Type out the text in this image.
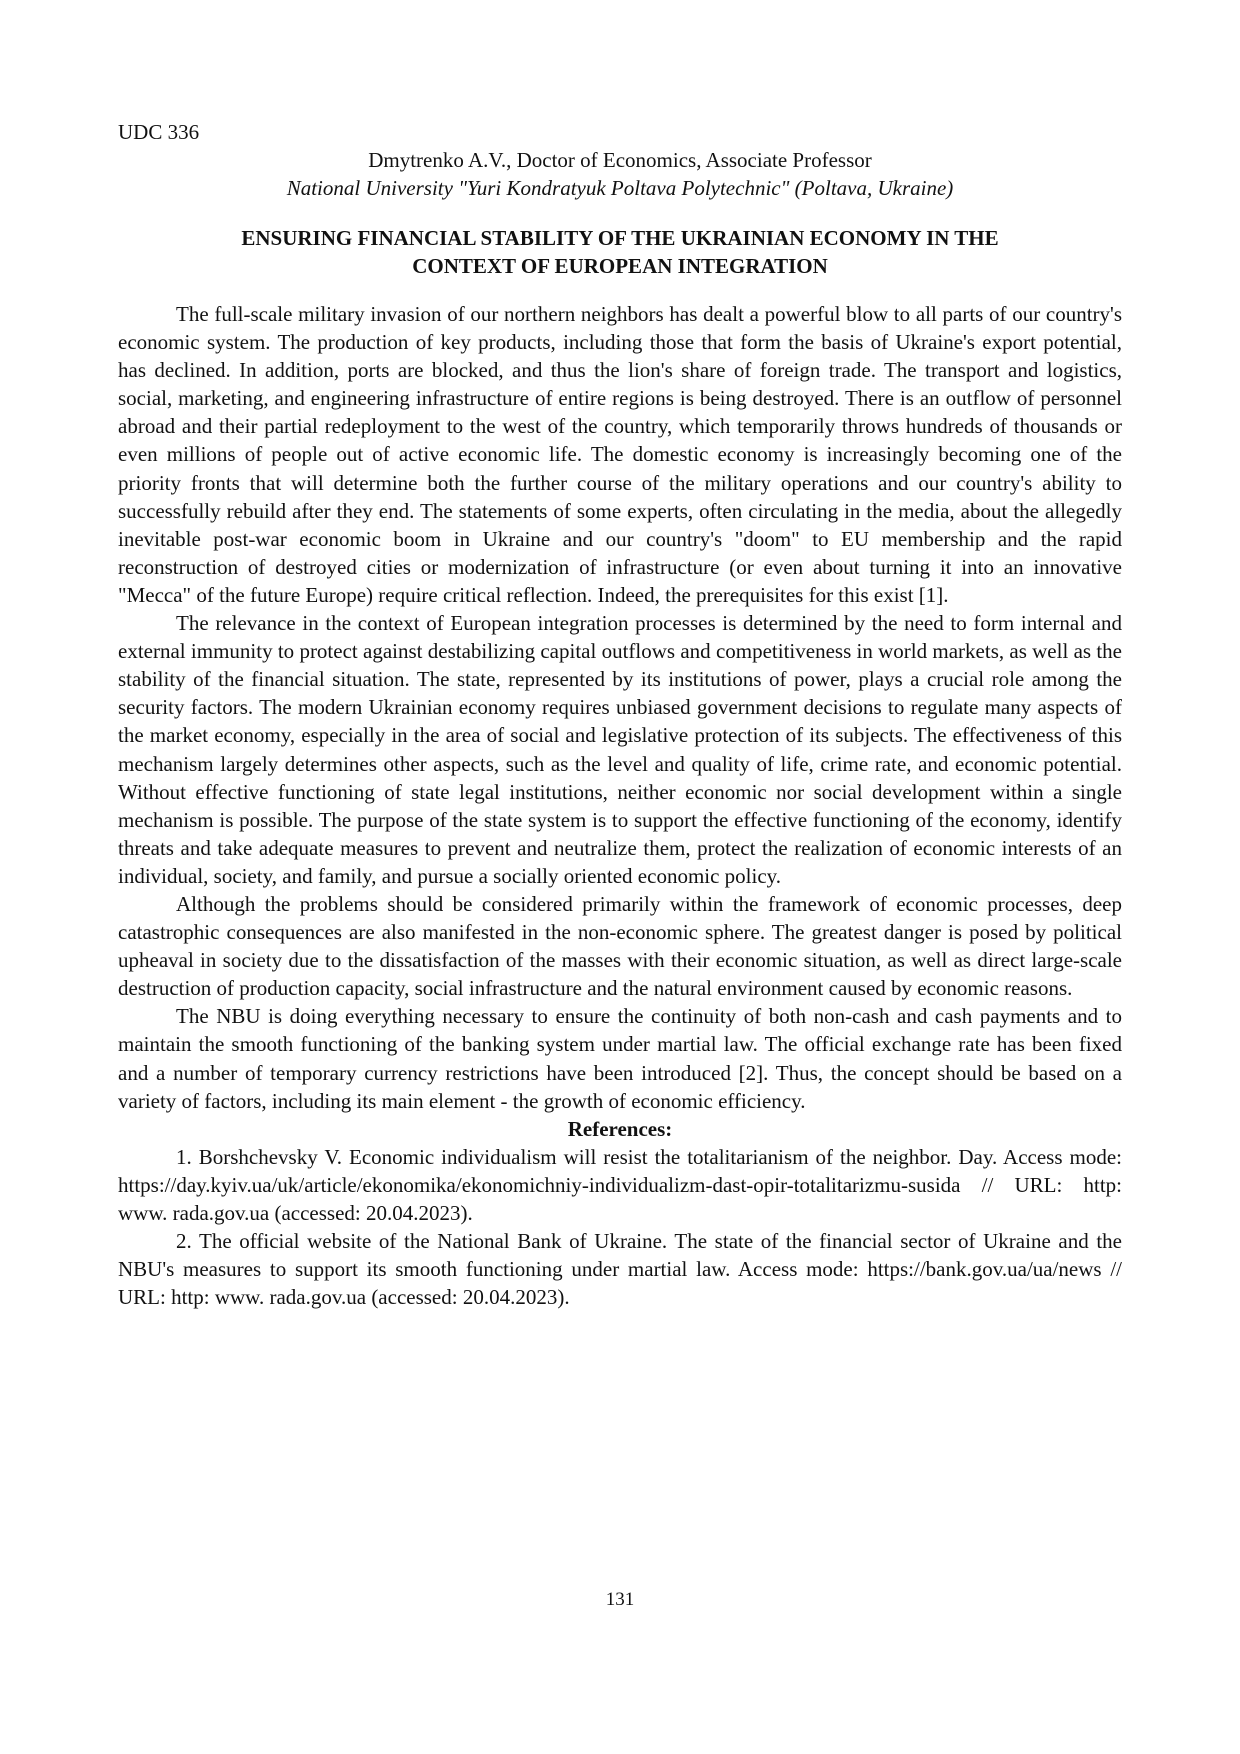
UDC 336

Dmytrenko A.V., Doctor of Economics, Associate Professor

National University "Yuri Kondratyuk Poltava Polytechnic" (Poltava, Ukraine)

ENSURING FINANCIAL STABILITY OF THE UKRAINIAN ECONOMY IN THE
CONTEXT OF EUROPEAN INTEGRATION

The full-scale military invasion of our northern neighbors has dealt a powerful blow to all parts of our country's economic system. The production of key products, including those that form the basis of Ukraine's export potential, has declined. In addition, ports are blocked, and thus the lion's share of foreign trade. The transport and logistics, social, marketing, and engineering infrastructure of entire regions is being destroyed. There is an outflow of personnel abroad and their partial redeployment to the west of the country, which temporarily throws hundreds of thousands or even millions of people out of active economic life. The domestic economy is increasingly becoming one of the priority fronts that will determine both the further course of the military operations and our country's ability to successfully rebuild after they end. The statements of some experts, often circulating in the media, about the allegedly inevitable post-war economic boom in Ukraine and our country's "doom" to EU membership and the rapid reconstruction of destroyed cities or modernization of infrastructure (or even about turning it into an innovative "Mecca" of the future Europe) require critical reflection. Indeed, the prerequisites for this exist [1].

The relevance in the context of European integration processes is determined by the need to form internal and external immunity to protect against destabilizing capital outflows and competitiveness in world markets, as well as the stability of the financial situation. The state, represented by its institutions of power, plays a crucial role among the security factors. The modern Ukrainian economy requires unbiased government decisions to regulate many aspects of the market economy, especially in the area of social and legislative protection of its subjects. The effectiveness of this mechanism largely determines other aspects, such as the level and quality of life, crime rate, and economic potential. Without effective functioning of state legal institutions, neither economic nor social development within a single mechanism is possible. The purpose of the state system is to support the effective functioning of the economy, identify threats and take adequate measures to prevent and neutralize them, protect the realization of economic interests of an individual, society, and family, and pursue a socially oriented economic policy.

Although the problems should be considered primarily within the framework of economic processes, deep catastrophic consequences are also manifested in the non-economic sphere. The greatest danger is posed by political upheaval in society due to the dissatisfaction of the masses with their economic situation, as well as direct large-scale destruction of production capacity, social infrastructure and the natural environment caused by economic reasons.

The NBU is doing everything necessary to ensure the continuity of both non-cash and cash payments and to maintain the smooth functioning of the banking system under martial law. The official exchange rate has been fixed and a number of temporary currency restrictions have been introduced [2]. Thus, the concept should be based on a variety of factors, including its main element - the growth of economic efficiency.

References:

1. Borshchevsky V. Economic individualism will resist the totalitarianism of the neighbor. Day. Access mode: https://day.kyiv.ua/uk/article/ekonomika/ekonomichniy-individualizm-dast-opir-totalitarizmu-susida // URL: http: www. rada.gov.ua (accessed: 20.04.2023).

2. The official website of the National Bank of Ukraine. The state of the financial sector of Ukraine and the NBU's measures to support its smooth functioning under martial law. Access mode: https://bank.gov.ua/ua/news // URL: http: www. rada.gov.ua (accessed: 20.04.2023).

131
